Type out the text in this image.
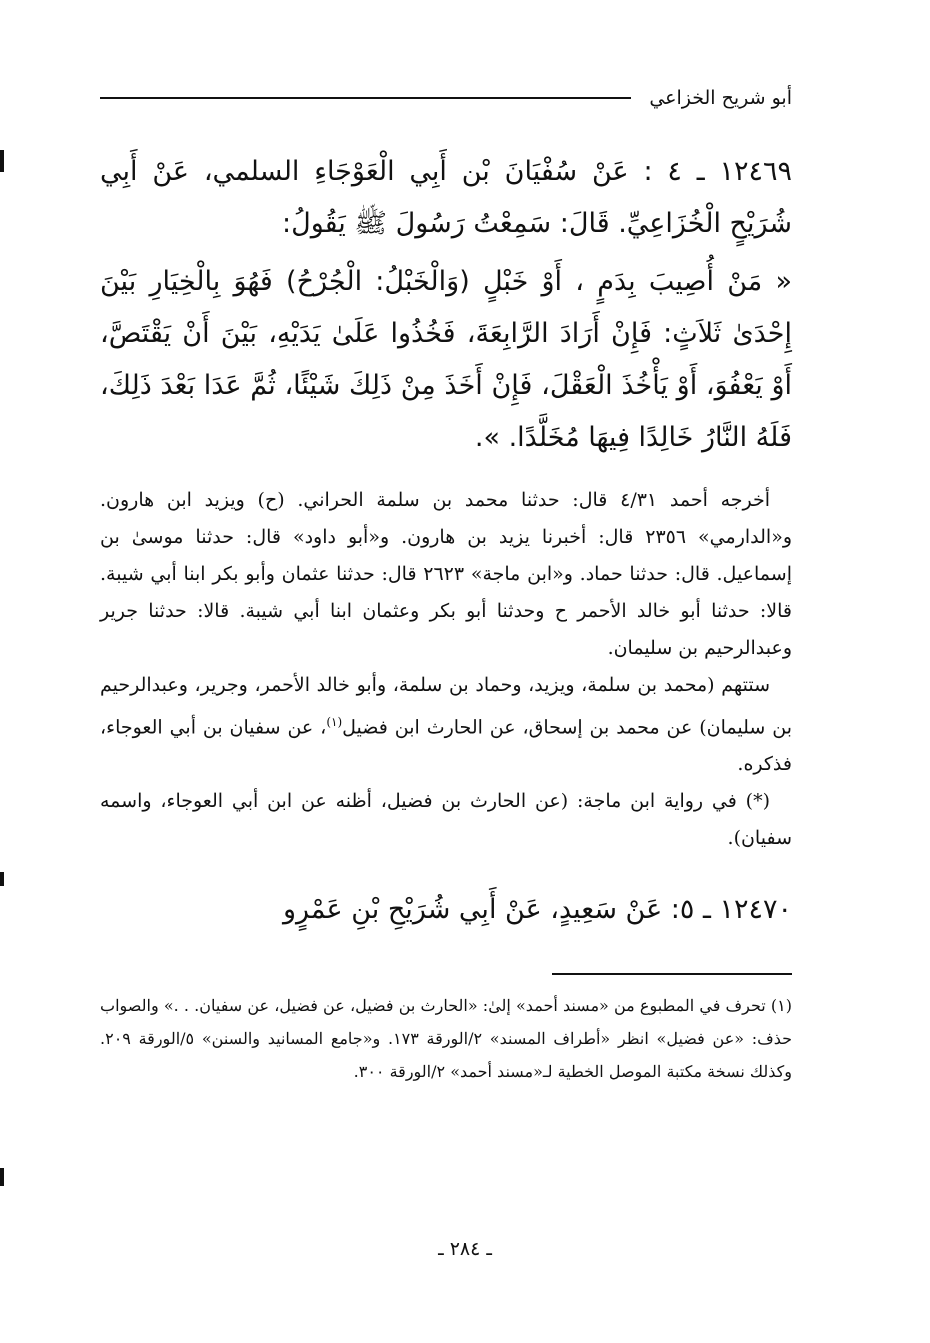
أبو شريح الخزاعي
١٢٤٦٩ ـ ٤ : عَنْ سُفْيَانَ بْن أَبِي الْعَوْجَاءِ السلمي، عَنْ أَبِي شُرَيْحٍ الْخُزَاعِيِّ. قَالَ: سَمِعْتُ رَسُولَ ﷺ يَقُولُ:
« مَنْ أُصِيبَ بِدَمٍ ، أَوْ خَبْلٍ (وَالْخَبْلُ: الْجُرْحُ) فَهُوَ بِالْخِيَارِ بَيْنَ إِحْدَىٰ ثَلاَثٍ: فَإِنْ أَرَادَ الرَّابِعَةَ، فَخُذُوا عَلَىٰ يَدَيْهِ، بَيْنَ أَنْ يَقْتَصَّ، أَوْ يَعْفُوَ، أَوْ يَأْخُذَ الْعَقْلَ، فَإِنْ أَخَذَ مِنْ ذَلِكَ شَيْئًا، ثُمَّ عَدَا بَعْدَ ذَلِكَ، فَلَهُ النَّارُ خَالِدًا فِيهَا مُخَلَّدًا. ».

أخرجه أحمد ٤/٣١ قال: حدثنا محمد بن سلمة الحراني. (ح) ويزيد ابن هارون. و«الدارمي» ٢٣٥٦ قال: أخبرنا يزيد بن هارون. و«أبو داود» قال: حدثنا موسىٰ بن إسماعيل. قال: حدثنا حماد. و«ابن ماجة» ٢٦٢٣ قال: حدثنا عثمان وأبو بكر ابنا أبي شيبة. قالا: حدثنا أبو خالد الأحمر ح وحدثنا أبو بكر وعثمان ابنا أبي شيبة. قالا: حدثنا جرير وعبدالرحيم بن سليمان.

ستتهم (محمد بن سلمة، ويزيد، وحماد بن سلمة، وأبو خالد الأحمر، وجرير، وعبدالرحيم بن سليمان) عن محمد بن إسحاق، عن الحارث ابن فضيل$^{(١)}$، عن سفيان بن أبي العوجاء، فذكره.

(*) في رواية ابن ماجة: (عن الحارث بن فضيل، أظنه عن ابن أبي العوجاء، واسمه سفيان).

١٢٤٧٠ ـ ٥: عَنْ سَعِيدٍ، عَنْ أَبِي شُرَيْحِ بْنِ عَمْرٍو
(١) تحرف في المطبوع من «مسند أحمد» إلىٰ: «الحارث بن فضيل، عن فضيل، عن سفيان. . .» والصواب حذف: «عن فضيل» انظر «أطراف المسند» ٢/الورقة ١٧٣. و«جامع المسانيد والسنن» ٥/الورقة ٢٠٩. وكذلك نسخة مكتبة الموصل الخطية لـ«مسند أحمد» ٢/الورقة ٣٠٠.
ـ ٢٨٤ ـ
